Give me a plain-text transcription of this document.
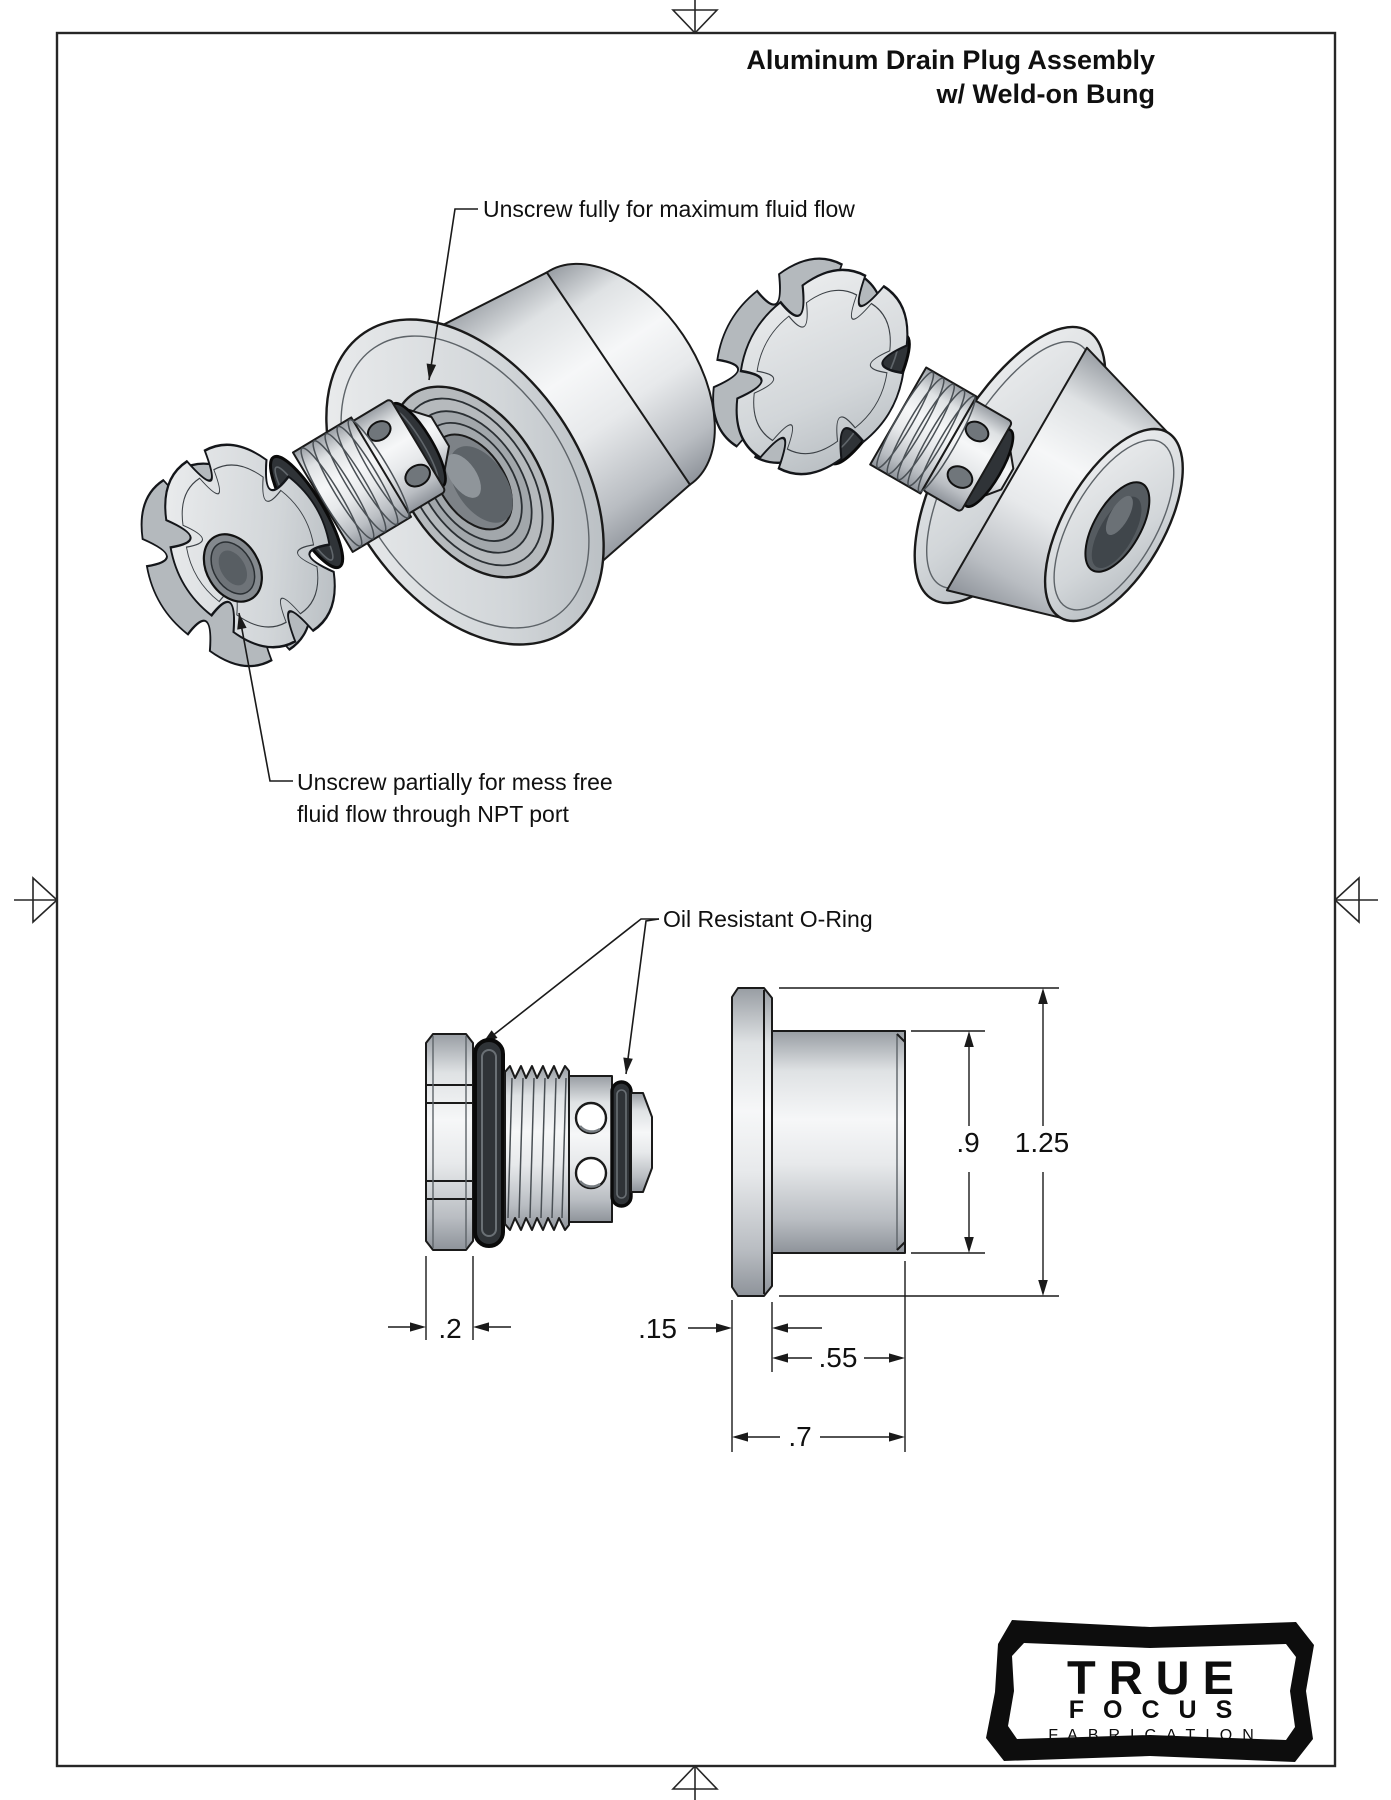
Aluminum Drain Plug Assembly
w/ Weld-on Bung
Unscrew fully for maximum fluid flow
Unscrew partially for mess free
fluid flow through NPT port
Oil Resistant O-Ring
.2
.9 1.25
.15
.55
.7
TRUE
FOCUS
FABRICATION
